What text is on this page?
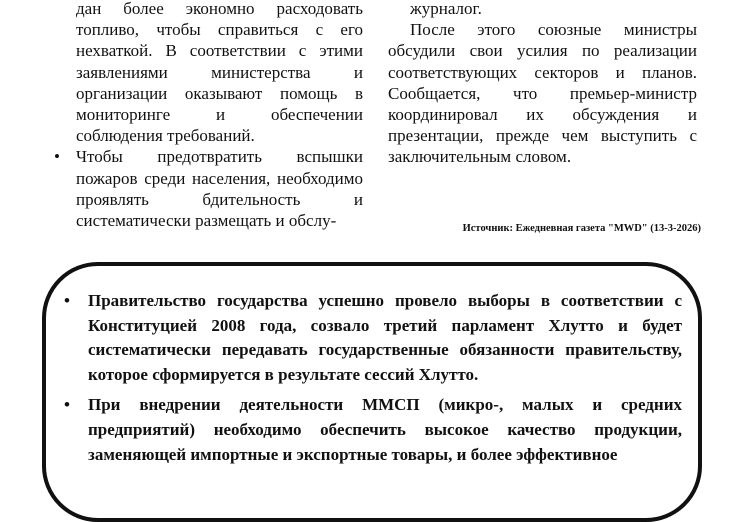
дан более экономно расходовать

топливо, чтобы справиться с его нехваткой. В соответствии с этими заявлениями министерства и организации оказывают помощь в мониторинге и обеспечении соблюдения требований.

• Чтобы предотвратить вспышки

пожаров среди населения, необходимо проявлять бдительность и систематически размещать и обслу-

журналог.

После этого союзные министры обсудили свои усилия по реализации соответствующих секторов и планов. Сообщается, что премьер-министр координировал их обсуждения и презентации, прежде чем выступить с заключительным словом.

Источник: Ежедневная газета "MWD" (13-3-2026)
• Правительство государства успешно провело выборы в соответствии с Конституцией 2008 года, созвало третий парламент Хлутто и будет систематически передавать государственные обязанности правительству, которое сформируется в результате сессий Хлутто.
• При внедрении деятельности ММСП (микро-, малых и средних предприятий) необходимо обеспечить высокое качество продукции, заменяющей импортные и экспортные товары, и более эффективное
